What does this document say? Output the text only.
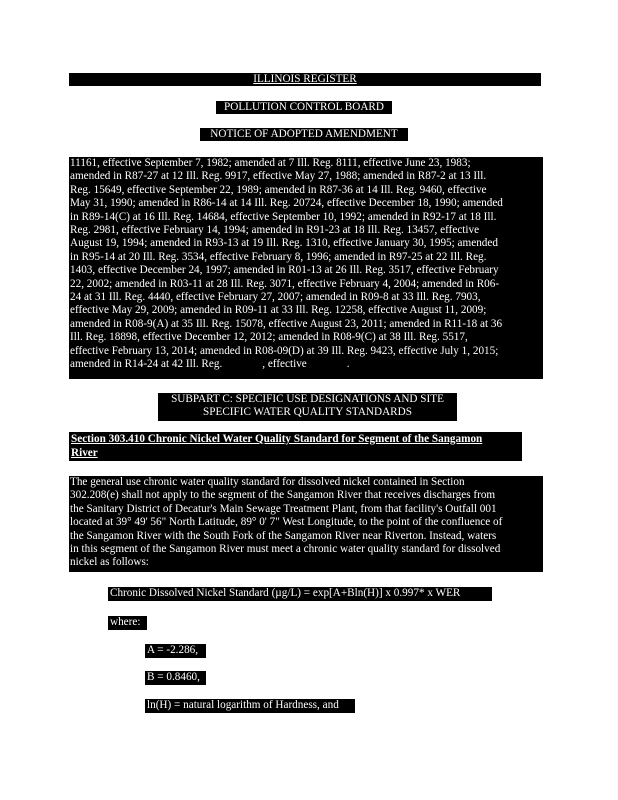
ILLINOIS REGISTER
POLLUTION CONTROL BOARD
NOTICE OF ADOPTED AMENDMENT
11161, effective September 7, 1982; amended at 7 Ill. Reg. 8111, effective June 23, 1983;
amended in R87-27 at 12 Ill. Reg. 9917, effective May 27, 1988; amended in R87-2 at 13 Ill.
Reg. 15649, effective September 22, 1989; amended in R87-36 at 14 Ill. Reg. 9460, effective
May 31, 1990; amended in R86-14 at 14 Ill. Reg. 20724, effective December 18, 1990; amended
in R89-14(C) at 16 Ill. Reg. 14684, effective September 10, 1992; amended in R92-17 at 18 Ill.
Reg. 2981, effective February 14, 1994; amended in R91-23 at 18 Ill. Reg. 13457, effective
August 19, 1994; amended in R93-13 at 19 Ill. Reg. 1310, effective January 30, 1995; amended
in R95-14 at 20 Ill. Reg. 3534, effective February 8, 1996; amended in R97-25 at 22 Ill. Reg.
1403, effective December 24, 1997; amended in R01-13 at 26 Ill. Reg. 3517, effective February
22, 2002; amended in R03-11 at 28 Ill. Reg. 3071, effective February 4, 2004; amended in R06-
24 at 31 Ill. Reg. 4440, effective February 27, 2007; amended in R09-8 at 33 Ill. Reg. 7903,
effective May 29, 2009; amended in R09-11 at 33 Ill. Reg. 12258, effective August 11, 2009;
amended in R08-9(A) at 35 Ill. Reg. 15078, effective August 23, 2011; amended in R11-18 at 36
Ill. Reg. 18898, effective December 12, 2012; amended in R08-9(C) at 38 Ill. Reg. 5517,
effective February 13, 2014; amended in R08-09(D) at 39 Ill. Reg. 9423, effective July 1, 2015;
amended in R14-24 at 42 Ill. Reg.	, effective	.
SUBPART C: SPECIFIC USE DESIGNATIONS AND SITE
SPECIFIC WATER QUALITY STANDARDS
Section 303.410 Chronic Nickel Water Quality Standard for Segment of the Sangamon
River
The general use chronic water quality standard for dissolved nickel contained in Section
302.208(e) shall not apply to the segment of the Sangamon River that receives discharges from
the Sanitary District of Decatur's Main Sewage Treatment Plant, from that facility's Outfall 001
located at 39° 49' 56" North Latitude, 89° 0' 7" West Longitude, to the point of the confluence of
the Sangamon River with the South Fork of the Sangamon River near Riverton. Instead, waters
in this segment of the Sangamon River must meet a chronic water quality standard for dissolved
nickel as follows:
Chronic Dissolved Nickel Standard (µg/L) = exp[A+Bln(H)] x 0.997* x WER
where:
A = -2.286,
B = 0.8460,
ln(H) = natural logarithm of Hardness, and
